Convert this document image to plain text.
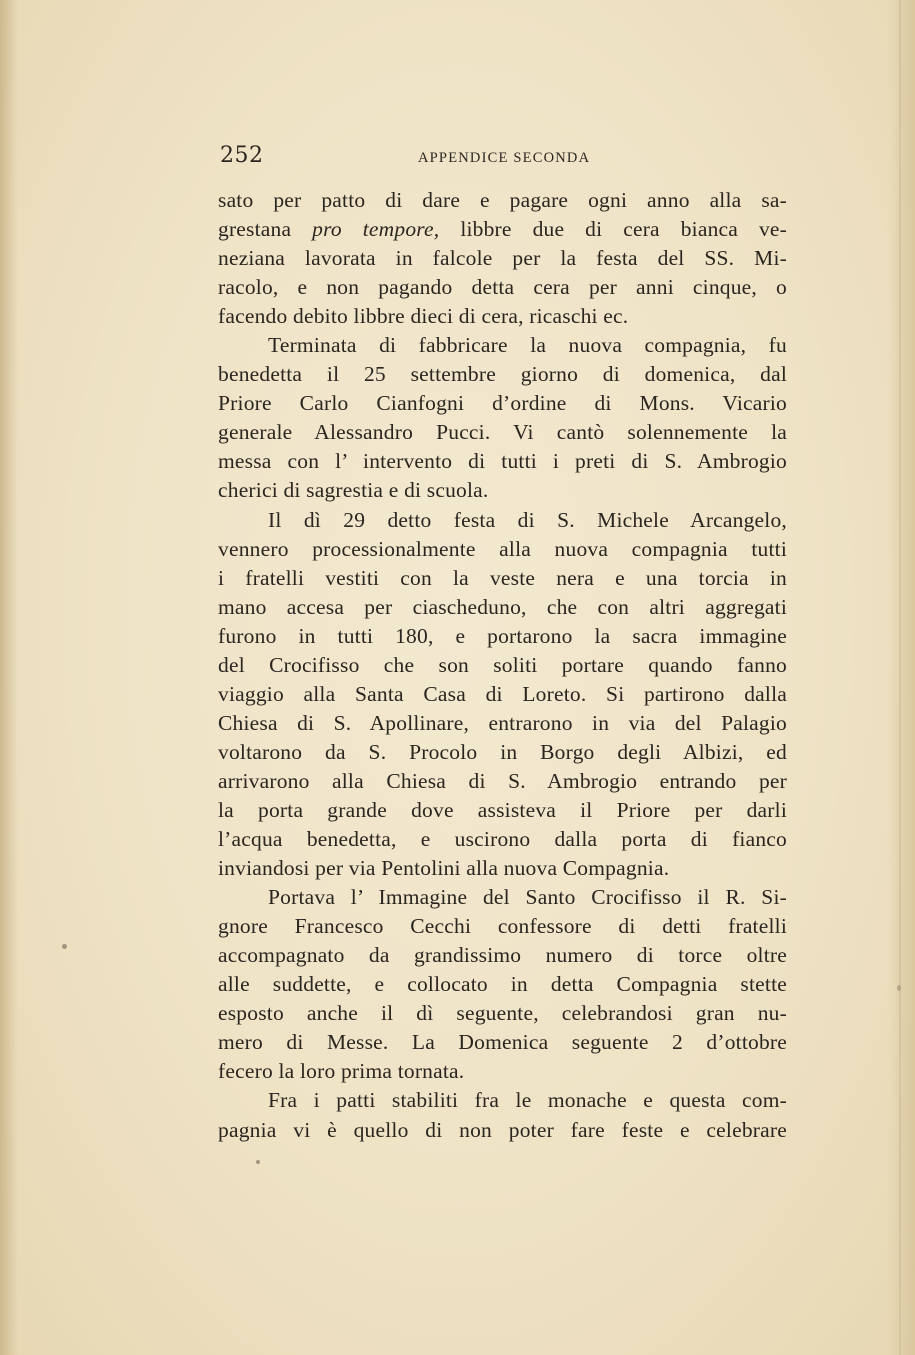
252	APPENDICE SECONDA
sato per patto di dare e pagare ogni anno alla sa-
grestana pro tempore, libbre due di cera bianca ve-
neziana lavorata in falcole per la festa del SS. Mi-
racolo, e non pagando detta cera per anni cinque, o
facendo debito libbre dieci di cera, ricaschi ec.
Terminata di fabbricare la nuova compagnia, fu
benedetta il 25 settembre giorno di domenica, dal
Priore Carlo Cianfogni d’ordine di Mons. Vicario
generale Alessandro Pucci. Vi cantò solennemente la
messa con l’ intervento di tutti i preti di S. Ambrogio
cherici di sagrestia e di scuola.
Il dì 29 detto festa di S. Michele Arcangelo,
vennero processionalmente alla nuova compagnia tutti
i fratelli vestiti con la veste nera e una torcia in
mano accesa per ciascheduno, che con altri aggregati
furono in tutti 180, e portarono la sacra immagine
del Crocifisso che son soliti portare quando fanno
viaggio alla Santa Casa di Loreto. Si partirono dalla
Chiesa di S. Apollinare, entrarono in via del Palagio
voltarono da S. Procolo in Borgo degli Albizi, ed
arrivarono alla Chiesa di S. Ambrogio entrando per
la porta grande dove assisteva il Priore per darli
l’acqua benedetta, e uscirono dalla porta di fianco
inviandosi per via Pentolini alla nuova Compagnia.
Portava l’ Immagine del Santo Crocifisso il R. Si-
gnore Francesco Cecchi confessore di detti fratelli
accompagnato da grandissimo numero di torce oltre
alle suddette, e collocato in detta Compagnia stette
esposto anche il dì seguente, celebrandosi gran nu-
mero di Messe. La Domenica seguente 2 d’ottobre
fecero la loro prima tornata.
Fra i patti stabiliti fra le monache e questa com-
pagnia vi è quello di non poter fare feste e celebrare
